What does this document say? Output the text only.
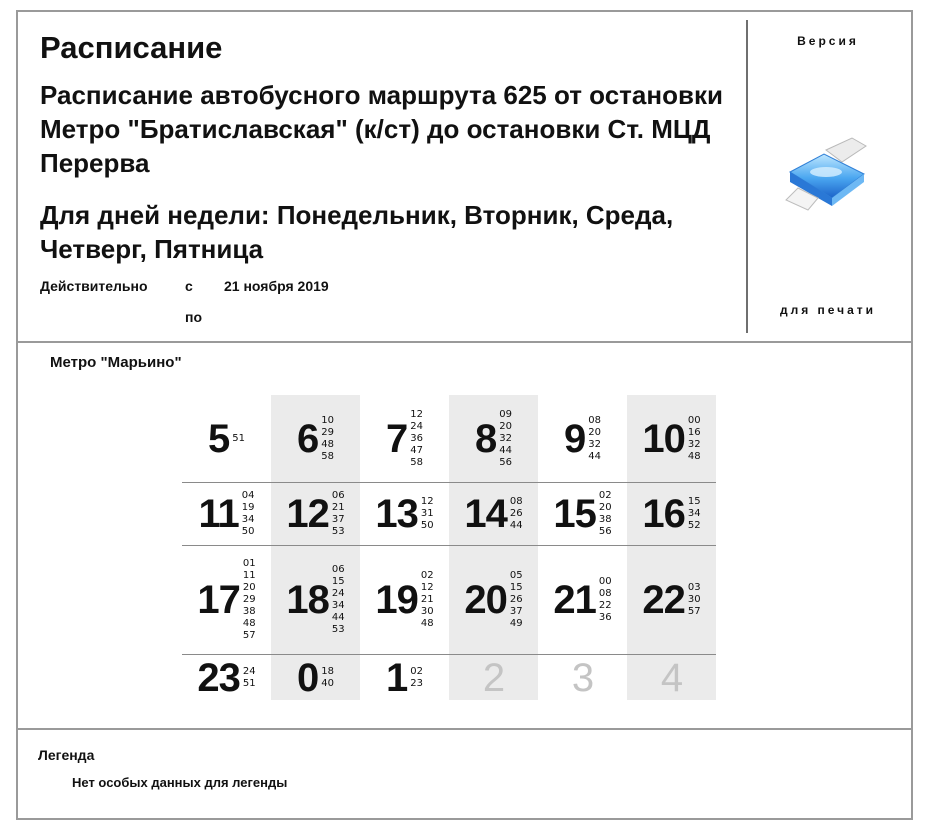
Расписание
Расписание автобусного маршрута 625 от остановки Метро "Братиславская" (к/ст) до остановки Ст. МЦД Перерва
Для дней недели: Понедельник, Вторник, Среда, Четверг, Пятница
Действительно	с 21 ноября 2019
по
Версия
для печати
Метро "Марьино"
5 51 6 10
29
48
58 7
12
24
36
47
58
8
09
20
32
44
56
9 08
20
32
44 10 00
16
32
48
11 04
19
34
50 12 06
21
37
53 13 12
31
50 14 08
26
44 15 02
20
38
56 16 15
34
52
17
01
11
20
29
38
48
57
18
06
15
24
34
44
53
19
02
12
21
30
48
20
05
15
26
37
49
21 00
08
22
36 22 03
30
57
23 24
51 0 18
40 1 02
23 2 3 4
Легенда
Нет особых данных для легенды
